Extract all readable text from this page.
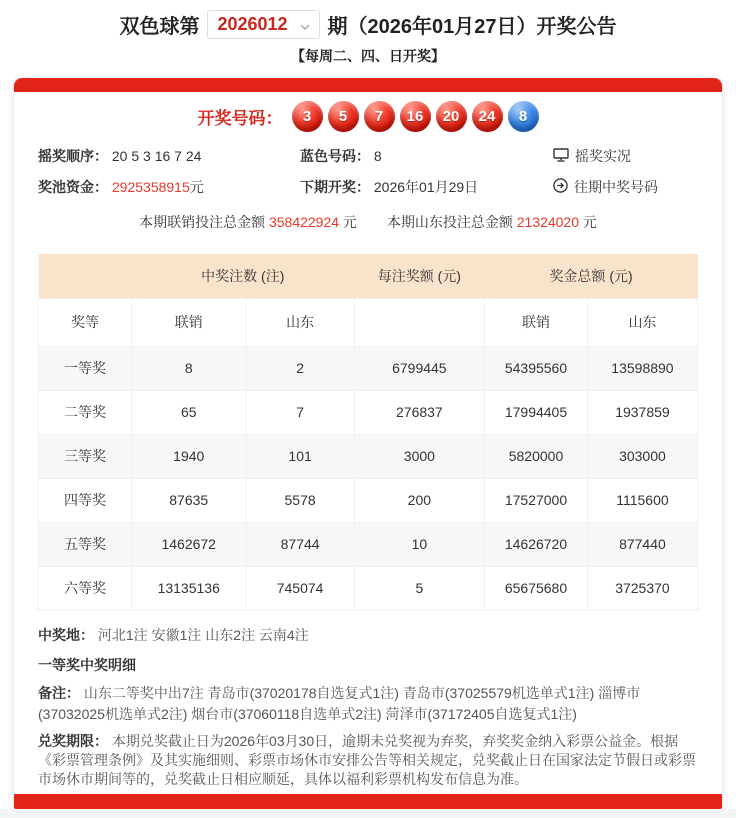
双色球第 2026012 期（2026年01月27日）开奖公告
【每周二、四、日开奖】
开奖号码：	3	5	7	16	20	24	8
摇奖顺序： 20 5 3 16 7 24	蓝色号码： 8	摇奖实况
奖池资金： 2925358915元	下期开奖： 2026年01月29日	往期中奖号码
本期联销投注总金额 358422924 元 本期山东投注总金额 21324020 元
	中奖注数 (注)		每注奖额 (元)	奖金总额 (元)	
奖等	联销	山东		联销	山东
一等奖	8	2	6799445	54395560	13598890
二等奖	65	7	276837	17994405	1937859
三等奖	1940	101	3000	5820000	303000
四等奖	87635	5578	200	17527000	1115600
五等奖	1462672	87744	10	14626720	877440
六等奖	13135136	745074	5	65675680	3725370

中奖地： 河北1注 安徽1注 山东2注 云南4注

一等奖中奖明细

备注： 山东二等奖中出7注 青岛市(37020178自选复式1注) 青岛市(37025579机选单式1注) 淄博市(37032025机选单式2注) 烟台市(37060118自选单式2注) 菏泽市(37172405自选复式1注)

兑奖期限： 本期兑奖截止日为2026年03月30日，逾期未兑奖视为弃奖，弃奖奖金纳入彩票公益金。根据《彩票管理条例》及其实施细则、彩票市场休市安排公告等相关规定，兑奖截止日在国家法定节假日或彩票市场休市期间等的，兑奖截止日相应顺延，具体以福利彩票机构发布信息为准。
